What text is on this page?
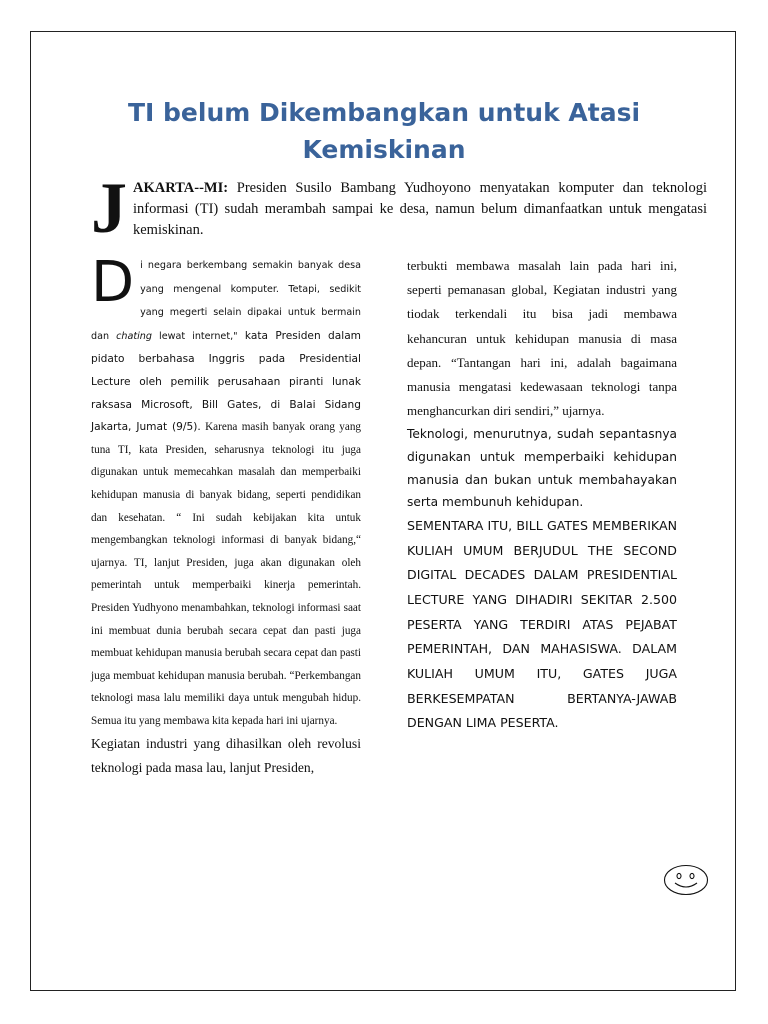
TI belum Dikembangkan untuk Atasi
Kemiskinan
JAKARTA--MI: Presiden Susilo Bambang Yudhoyono menyatakan komputer dan teknologi informasi (TI) sudah merambah sampai ke desa, namun belum dimanfaatkan untuk mengatasi kemiskinan.

Di negara berkembang semakin banyak desa yang mengenal komputer. Tetapi, sedikit yang megerti selain dipakai untuk bermain dan chating lewat internet," kata Presiden dalam pidato berbahasa Inggris pada Presidential Lecture oleh pemilik perusahaan piranti lunak raksasa Microsoft, Bill Gates, di Balai Sidang Jakarta, Jumat (9/5). Karena masih banyak orang yang tuna TI, kata Presiden, seharusnya teknologi itu juga digunakan untuk memecahkan masalah dan memperbaiki kehidupan manusia di banyak bidang, seperti pendidikan dan kesehatan. “ Ini sudah kebijakan kita untuk mengembangkan teknologi informasi di banyak bidang,“ ujarnya. TI, lanjut Presiden, juga akan digunakan oleh pemerintah untuk memperbaiki kinerja pemerintah. Presiden Yudhyono menambahkan, teknologi informasi saat ini membuat dunia berubah secara cepat dan pasti juga membuat kehidupan manusia berubah secara cepat dan pasti juga membuat kehidupan manusia berubah. “Perkembangan teknologi masa lalu memiliki daya untuk mengubah hidup. Semua itu yang membawa kita kepada hari ini ujarnya.

Kegiatan industri yang dihasilkan oleh revolusi teknologi pada masa lau, lanjut Presiden,

terbukti membawa masalah lain pada hari ini, seperti pemanasan global, Kegiatan industri yang tiodak terkendali itu bisa jadi membawa kehancuran untuk kehidupan manusia di masa depan. “Tantangan hari ini, adalah bagaimana manusia mengatasi kedewasaan teknologi tanpa menghancurkan diri sendiri,” ujarnya.

Teknologi, menurutnya, sudah sepantasnya digunakan untuk memperbaiki kehidupan manusia dan bukan untuk membahayakan serta membunuh kehidupan.

SEMENTARA ITU, BILL GATES MEMBERIKAN KULIAH UMUM BERJUDUL THE SECOND DIGITAL DECADES DALAM PRESIDENTIAL LECTURE YANG DIHADIRI SEKITAR 2.500 PESERTA YANG TERDIRI ATAS PEJABAT PEMERINTAH, DAN MAHASISWA. DALAM KULIAH UMUM ITU, GATES JUGA BERKESEMPATAN BERTANYA-JAWAB DENGAN LIMA PESERTA.
